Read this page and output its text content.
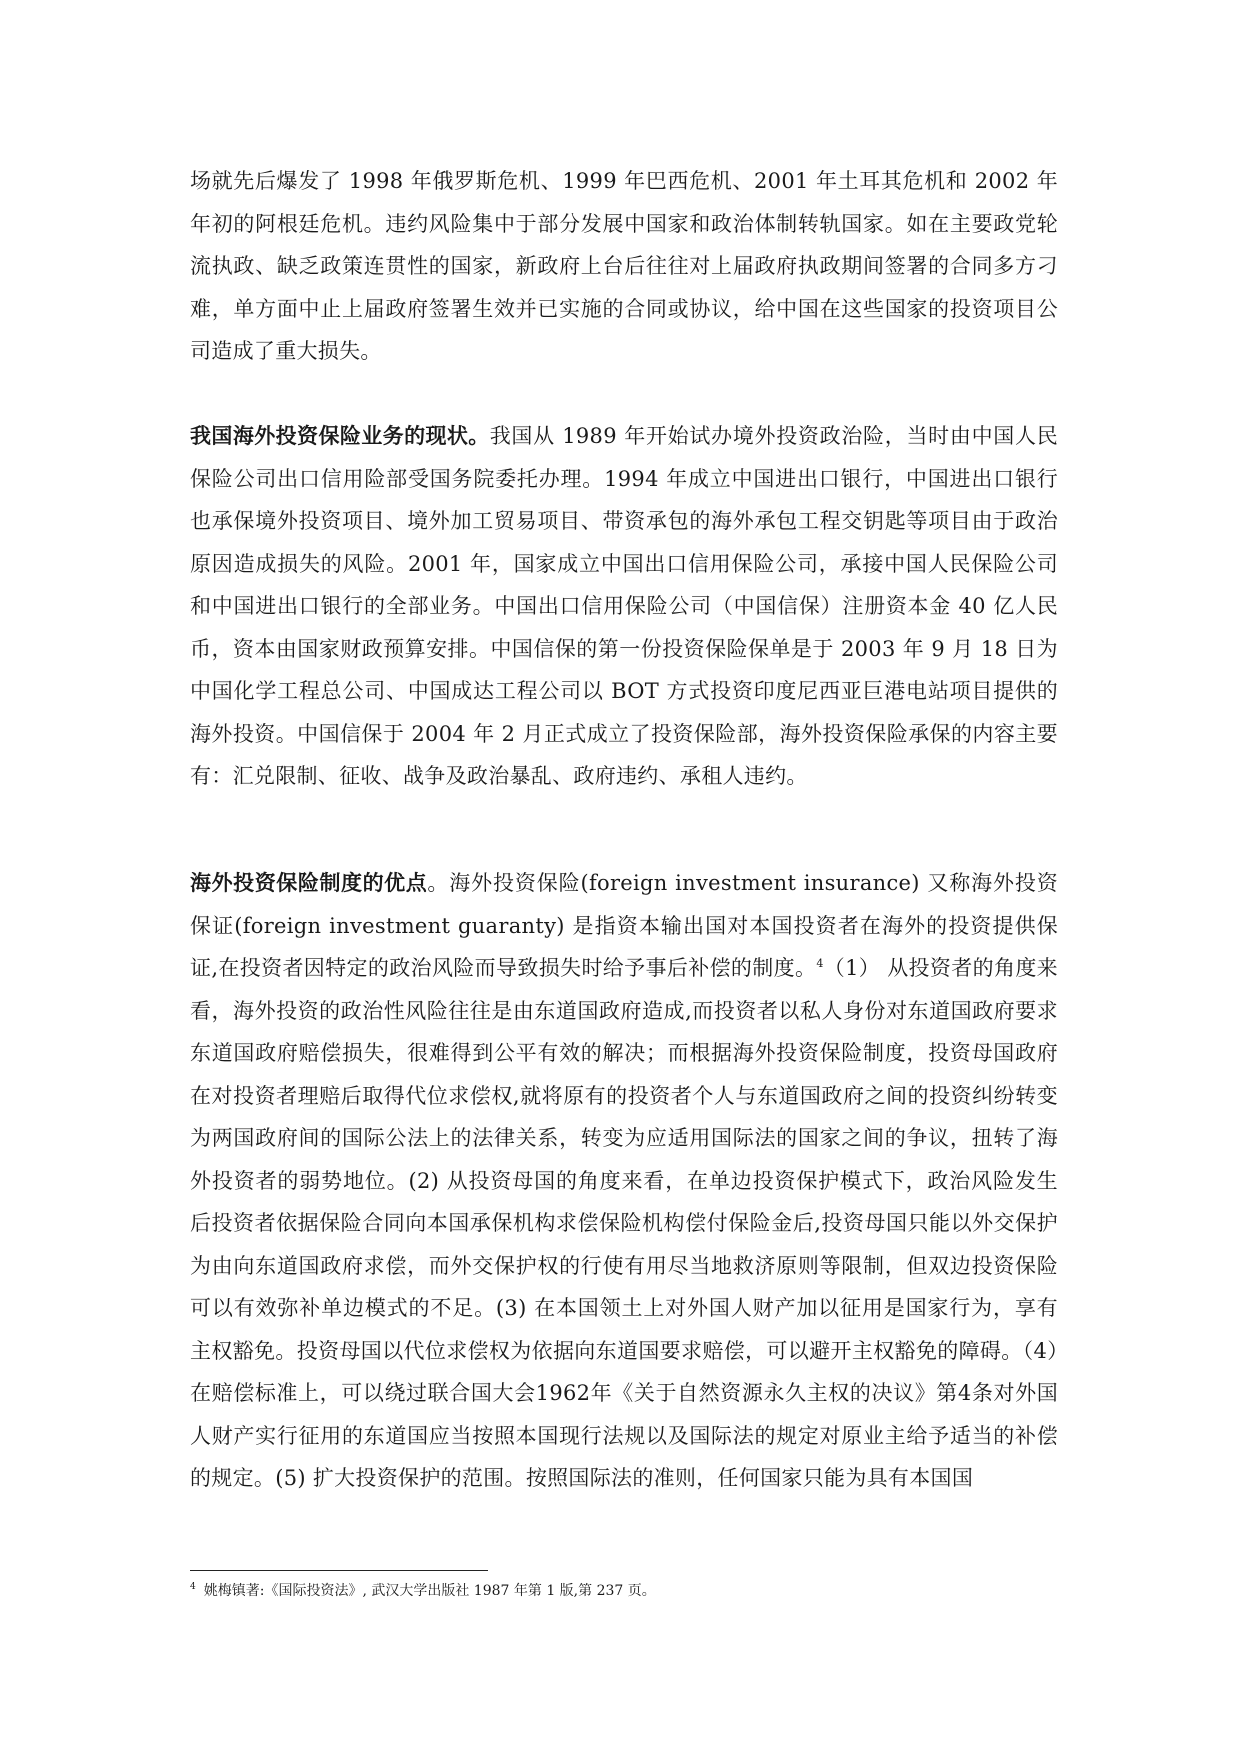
场就先后爆发了 1998 年俄罗斯危机、1999 年巴西危机、2001 年土耳其危机和 2002 年年初的阿根廷危机。违约风险集中于部分发展中国家和政治体制转轨国家。如在主要政党轮流执政、缺乏政策连贯性的国家，新政府上台后往往对上届政府执政期间签署的合同多方刁难，单方面中止上届政府签署生效并已实施的合同或协议，给中国在这些国家的投资项目公司造成了重大损失。

我国海外投资保险业务的现状。我国从 1989 年开始试办境外投资政治险，当时由中国人民保险公司出口信用险部受国务院委托办理。1994 年成立中国进出口银行，中国进出口银行也承保境外投资项目、境外加工贸易项目、带资承包的海外承包工程交钥匙等项目由于政治原因造成损失的风险。2001 年，国家成立中国出口信用保险公司，承接中国人民保险公司和中国进出口银行的全部业务。中国出口信用保险公司（中国信保）注册资本金 40 亿人民币，资本由国家财政预算安排。中国信保的第一份投资保险保单是于 2003 年 9 月 18 日为中国化学工程总公司、中国成达工程公司以 BOT 方式投资印度尼西亚巨港电站项目提供的海外投资。中国信保于 2004 年 2 月正式成立了投资保险部，海外投资保险承保的内容主要有：汇兑限制、征收、战争及政治暴乱、政府违约、承租人违约。

海外投资保险制度的优点。海外投资保险(foreign investment insurance) 又称海外投资保证(foreign investment guaranty) 是指资本输出国对本国投资者在海外的投资提供保证,在投资者因特定的政治风险而导致损失时给予事后补偿的制度。$^4$（1） 从投资者的角度来看，海外投资的政治性风险往往是由东道国政府造成,而投资者以私人身份对东道国政府要求东道国政府赔偿损失，很难得到公平有效的解决；而根据海外投资保险制度，投资母国政府在对投资者理赔后取得代位求偿权,就将原有的投资者个人与东道国政府之间的投资纠纷转变为两国政府间的国际公法上的法律关系，转变为应适用国际法的国家之间的争议，扭转了海外投资者的弱势地位。(2) 从投资母国的角度来看，在单边投资保护模式下，政治风险发生后投资者依据保险合同向本国承保机构求偿保险机构偿付保险金后,投资母国只能以外交保护为由向东道国政府求偿，而外交保护权的行使有用尽当地救济原则等限制，但双边投资保险可以有效弥补单边模式的不足。(3) 在本国领土上对外国人财产加以征用是国家行为，享有主权豁免。投资母国以代位求偿权为依据向东道国要求赔偿，可以避开主权豁免的障碍。（4）在赔偿标准上，可以绕过联合国大会1962年《关于自然资源永久主权的决议》第4条对外国人财产实行征用的东道国应当按照本国现行法规以及国际法的规定对原业主给予适当的补偿的规定。(5) 扩大投资保护的范围。按照国际法的准则，任何国家只能为具有本国国

$^4$ 姚梅镇著:《国际投资法》, 武汉大学出版社 1987 年第 1 版,第 237 页。
